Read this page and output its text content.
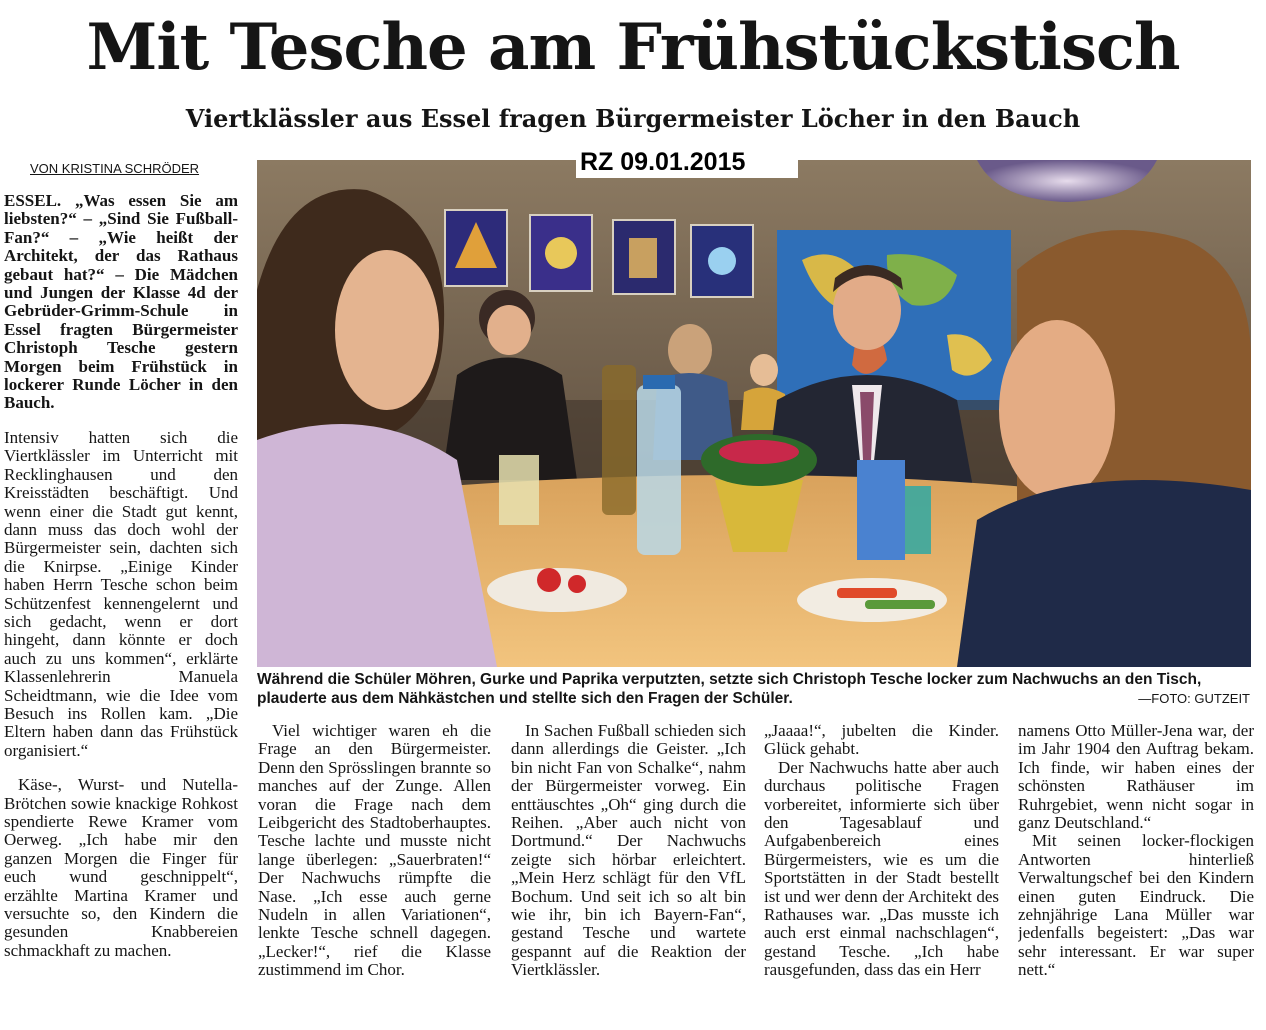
Mit Tesche am Frühstückstisch
Viertklässler aus Essel fragen Bürgermeister Löcher in den Bauch
VON KRISTINA SCHRÖDER	RZ 09.01.2015

Während die Schüler Möhren, Gurke und Paprika verputzten, setzte sich Christoph Tesche locker zum Nachwuchs an den Tisch, plauderte aus dem Nähkästchen und stellte sich den Fragen der Schüler.	—FOTO: GUTZEIT

ESSEL. „Was essen Sie am liebsten?“ – „Sind Sie Fußball-Fan?“ – „Wie heißt der Architekt, der das Rathaus gebaut hat?“ – Die Mädchen und Jungen der Klasse 4d der Gebrüder-Grimm-Schule in Essel fragten Bürgermeister Christoph Tesche gestern Morgen beim Frühstück in lockerer Runde Löcher in den Bauch.

Intensiv hatten sich die Viertklässler im Unterricht mit Recklinghausen und den Kreisstädten beschäftigt. Und wenn einer die Stadt gut kennt, dann muss das doch wohl der Bürgermeister sein, dachten sich die Knirpse. „Einige Kinder haben Herrn Tesche schon beim Schützenfest kennengelernt und sich gedacht, wenn er dort hingeht, dann könnte er doch auch zu uns kommen“, erklärte Klassenlehrerin Manuela Scheidtmann, wie die Idee vom Besuch ins Rollen kam. „Die Eltern haben dann das Frühstück organisiert.“

Käse-, Wurst- und Nutella-Brötchen sowie knackige Rohkost spendierte Rewe Kramer vom Oerweg. „Ich habe mir den ganzen Morgen die Finger für euch wund geschnippelt“, erzählte Martina Kramer und versuchte so, den Kindern die gesunden Knabbereien schmackhaft zu machen.

Viel wichtiger waren eh die Frage an den Bürgermeister. Denn den Sprösslingen brannte so manches auf der Zunge. Allen voran die Frage nach dem Leibgericht des Stadtoberhauptes. Tesche lachte und musste nicht lange überlegen: „Sauerbraten!“ Der Nachwuchs rümpfte die Nase. „Ich esse auch gerne Nudeln in allen Variationen“, lenkte Tesche schnell dagegen. „Lecker!“, rief die Klasse zustimmend im Chor.

In Sachen Fußball schieden sich dann allerdings die Geister. „Ich bin nicht Fan von Schalke“, nahm der Bürgermeister vorweg. Ein enttäuschtes „Oh“ ging durch die Reihen. „Aber auch nicht von Dortmund.“ Der Nachwuchs zeigte sich hörbar erleichtert. „Mein Herz schlägt für den VfL Bochum. Und seit ich so alt bin wie ihr, bin ich Bayern-Fan“, gestand Tesche und wartete gespannt auf die Reaktion der Viertklässler.

„Jaaaa!“, jubelten die Kinder. Glück gehabt.

Der Nachwuchs hatte aber auch durchaus politische Fragen vorbereitet, informierte sich über den Tagesablauf und Aufgabenbereich eines Bürgermeisters, wie es um die Sportstätten in der Stadt bestellt ist und wer denn der Architekt des Rathauses war. „Das musste ich auch erst einmal nachschlagen“, gestand Tesche. „Ich habe rausgefunden, dass das ein Herr

namens Otto Müller-Jena war, der im Jahr 1904 den Auftrag bekam. Ich finde, wir haben eines der schönsten Rathäuser im Ruhrgebiet, wenn nicht sogar in ganz Deutschland.“

Mit seinen locker-flockigen Antworten hinterließ Verwaltungschef bei den Kindern einen guten Eindruck. Die zehnjährige Lana Müller war jedenfalls begeistert: „Das war sehr interessant. Er war super nett.“
